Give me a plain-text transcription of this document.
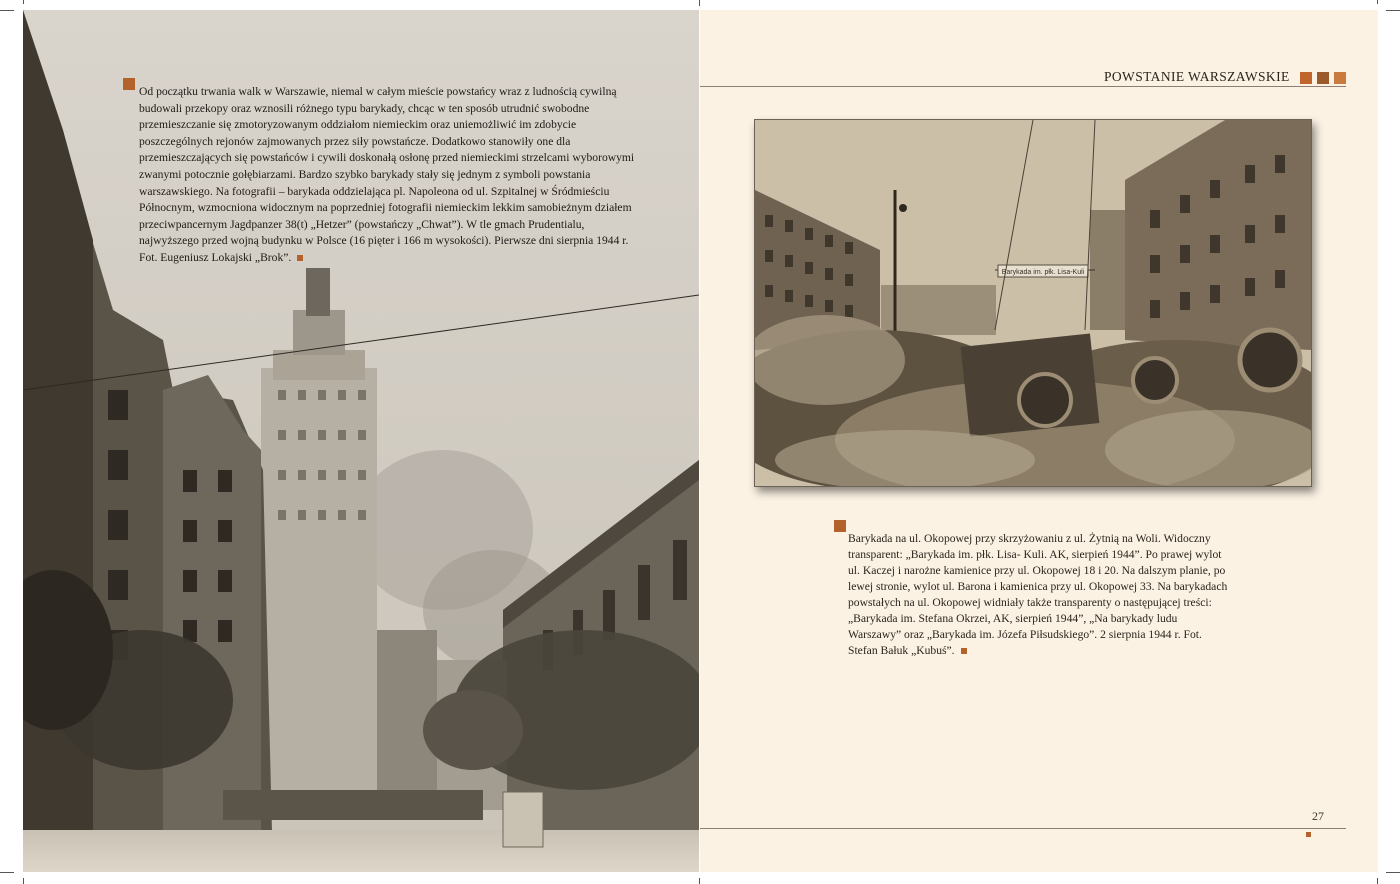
Od początku trwania walk w Warszawie, niemal w całym mieście powstańcy wraz z ludnością cywilną budowali przekopy oraz wznosili różnego typu barykady, chcąc w ten sposób utrudnić swobodne przemieszczanie się zmotoryzowanym oddziałom niemieckim oraz uniemożliwić im zdobycie poszczególnych rejonów zajmowanych przez siły powstańcze. Dodatkowo stanowiły one dla przemieszczających się powstańców i cywili doskonałą osłonę przed niemieckimi strzelcami wyborowymi zwanymi potocznie gołębiarzami. Bardzo szybko barykady stały się jednym z symboli powstania warszawskiego. Na fotografii – barykada oddzielająca pl. Napoleona od ul. Szpitalnej w Śródmieściu Północnym, wzmocniona widocznym na poprzedniej fotografii niemieckim lekkim samobieżnym działem przeciwpancernym Jagdpanzer 38(t) „Hetzer” (powstańczy „Chwat”). W tle gmach Prudentialu, najwyższego przed wojną budynku w Polsce (16 pięter i 166 m wysokości). Pierwsze dni sierpnia 1944 r. Fot. Eugeniusz Lokajski „Brok”.
POWSTANIE WARSZAWSKIE
Barykada im. płk. Lisa-Kuli
Barykada na ul. Okopowej przy skrzyżowaniu z ul. Żytnią na Woli. Widoczny transparent: „Barykada im. płk. Lisa- Kuli. AK, sierpień 1944”. Po prawej wylot ul. Kaczej i narożne kamienice przy ul. Okopowej 18 i 20. Na dalszym planie, po lewej stronie, wylot ul. Barona i kamienica przy ul. Okopowej 33. Na barykadach powstałych na ul. Okopowej widniały także transparenty o następującej treści: „Barykada im. Stefana Okrzei, AK, sierpień 1944”, „Na barykady ludu Warszawy” oraz „Barykada im. Józefa Piłsudskiego”. 2 sierpnia 1944 r. Fot. Stefan Bałuk „Kubuś”.
27
